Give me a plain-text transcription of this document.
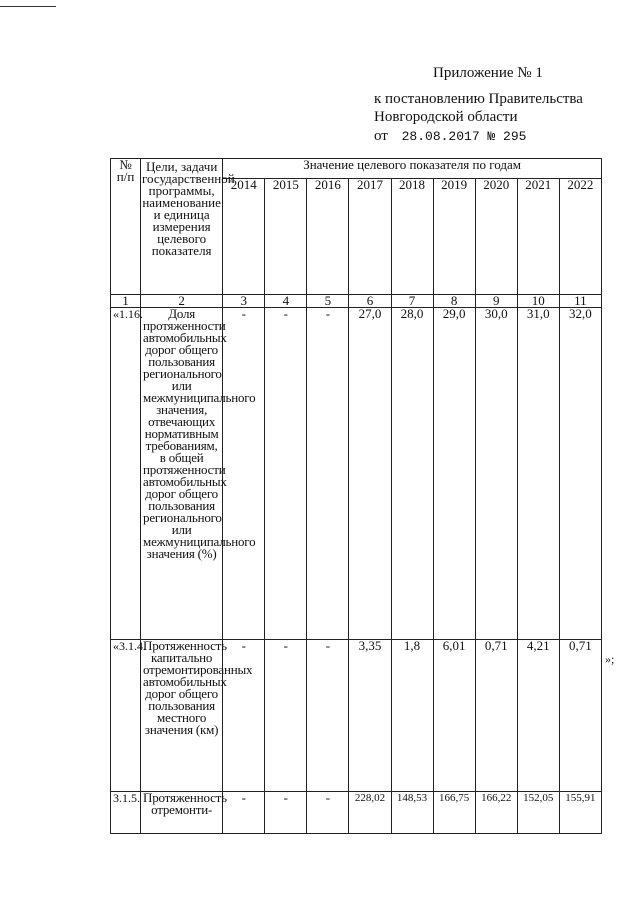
Приложение № 1
к постановлению Правительства
Новгородской области
от 28.08.2017 № 295
№ п/п	Цели, задачи государственной программы, наименование и единица измерения целевого показателя	Значение целевого показателя по годам								
		2014	2015	2016	2017	2018	2019	2020	2021	2022
1	2	3	4	5	6	7	8	9	10	11
«1.16.	Доля протяженности автомобильных дорог общего пользования регионального или межмуниципального значения, отвечающих нормативным требованиям, в общей протяженности автомобильных дорог общего пользования регионального или межмуниципального значения (%)	-	-	-	27,0	28,0	29,0	30,0	31,0	32,0
«3.1.4.	Протяженность капитально отремонтированных автомобильных дорог общего пользования местного значения (км)	-	-	-	3,35	1,8	6,01	0,71	4,21	0,71
3.1.5.	Протяженность отремонти-	-	-	-	228,02	148,53	166,75	166,22	152,05	155,91
»;
